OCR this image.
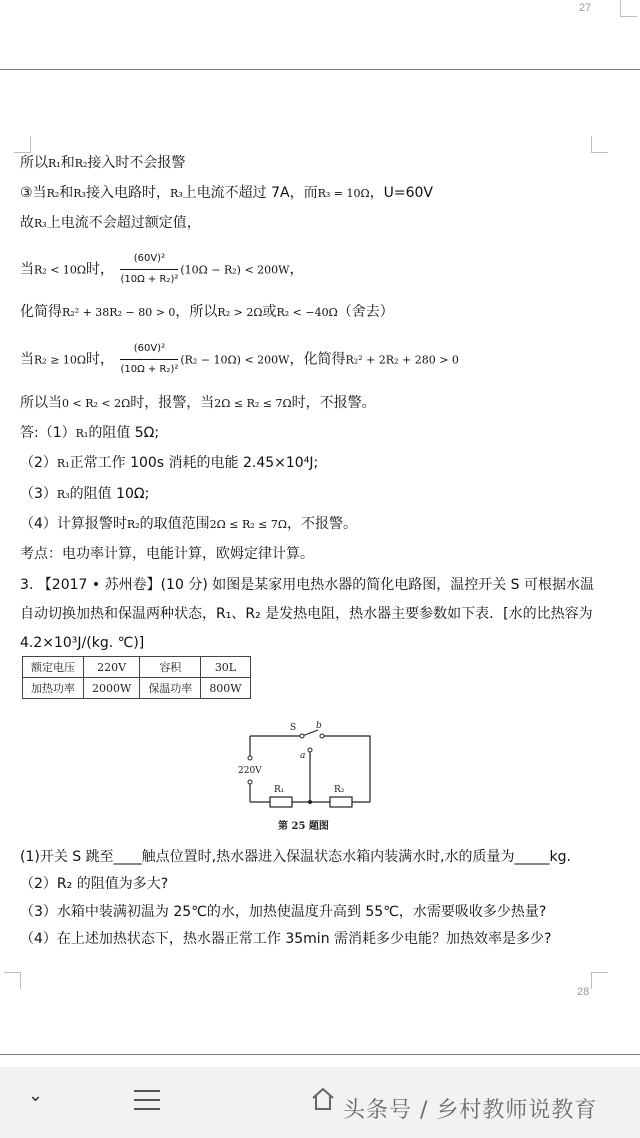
27
所以R₁和R₂接入时不会报警
③当R₂和R₃接入电路时，R₃上电流不超过 7A，而R₃ = 10Ω，U=60V
故R₃上电流不会超过额定值，
当R₂ < 10Ω时， $\frac{\text{(60V)²}}{\text{(10Ω + R₂)²}} (10\Omega - R_2) < 200W$，
化简得R₂² + 38R₂ − 80 > 0，所以R₂ > 2Ω或R₂ < −40Ω（舍去）
当R₂ ≥ 10Ω时， $\frac{\text{(60V)²}}{\text{(10Ω + R₂)²}} (R_2 - 10\Omega) < 200W$，化简得R₂² + 2R₂ + 280 > 0
所以当0 < R₂ < 2Ω时，报警，当2Ω ≤ R₂ ≤ 7Ω时，不报警。
答:（1）R₁的阻值 5Ω;
（2）R₁正常工作 100s 消耗的电能 2.45×10⁴J;
（3）R₃的阻值 10Ω;
（4）计算报警时R₂的取值范围2Ω ≤ R₂ ≤ 7Ω，不报警。
考点：电功率计算，电能计算，欧姆定律计算。
3. 【2017 • 苏州卷】(10 分) 如图是某家用电热水器的简化电路图，温控开关 S 可根据水温
自动切换加热和保温两种状态，R₁、R₂ 是发热电阻，热水器主要参数如下表．[水的比热容为
4.2×10³J/(kg. ℃)]
额定电压	220V	容积	30L
加热功率	2000W	保温功率	800W
S b
a
220V
R₁	R₂
第 25 题图
(1)开关 S 跳至____触点位置时,热水器进入保温状态水箱内装满水时,水的质量为_____kg.
（2）R₂ 的阻值为多大?
（3）水箱中装满初温为 25℃的水，加热使温度升高到 55℃，水需要吸收多少热量?
（4）在上述加热状态下，热水器正常工作 35min 需消耗多少电能？加热效率是多少?
28
⌄
头条号 / 乡村教师说教育
